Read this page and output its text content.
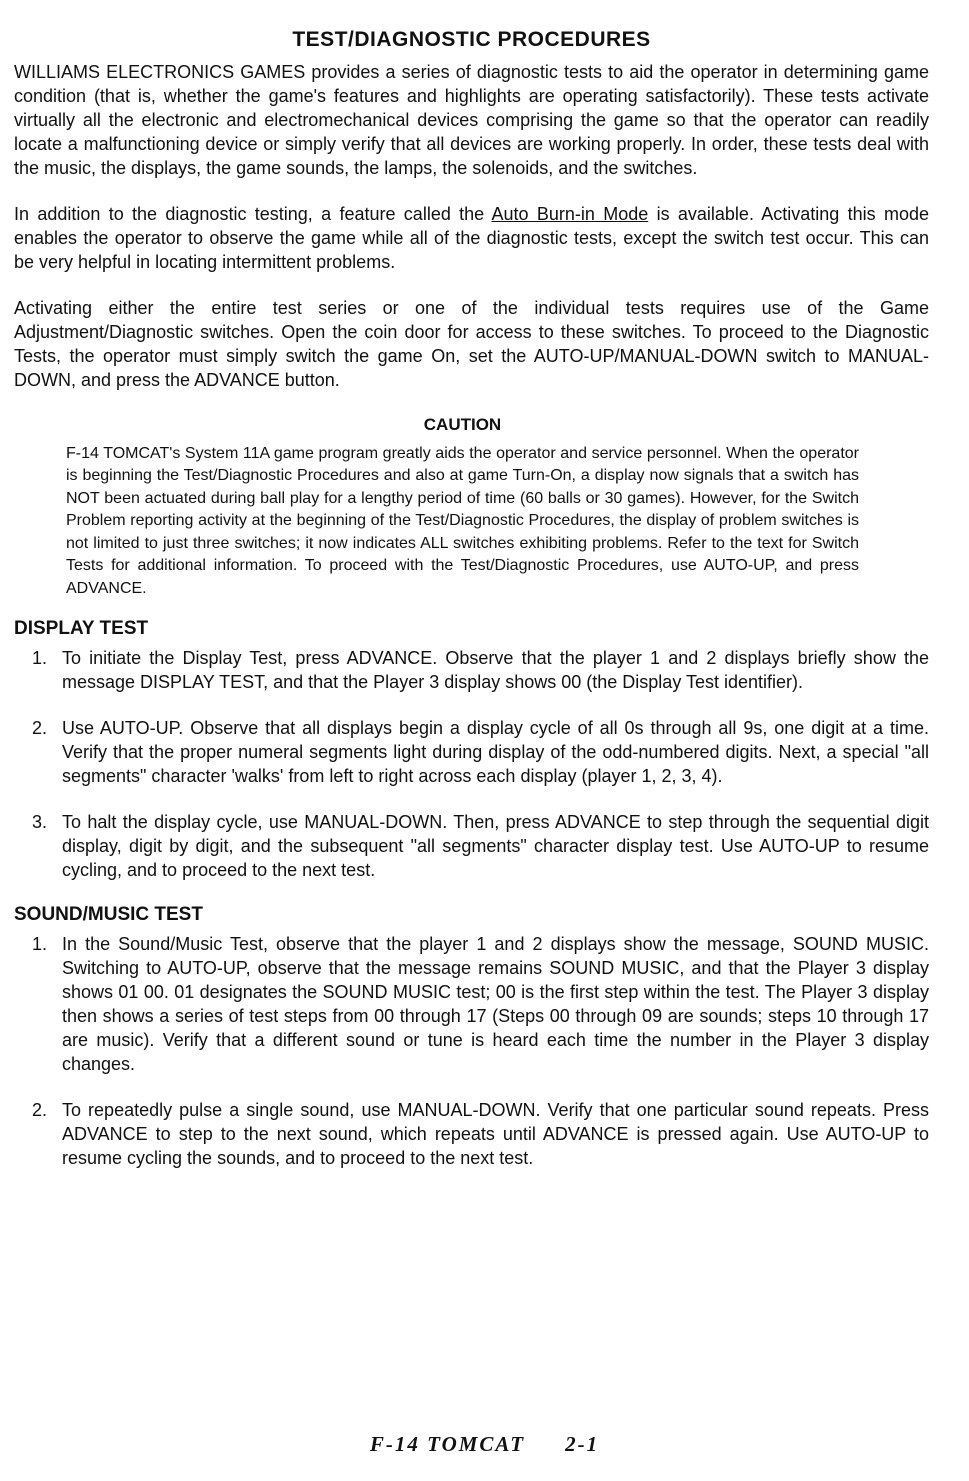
TEST/DIAGNOSTIC PROCEDURES

WILLIAMS ELECTRONICS GAMES provides a series of diagnostic tests to aid the operator in determining game condition (that is, whether the game's features and highlights are operating satisfactorily). These tests activate virtually all the electronic and electromechanical devices comprising the game so that the operator can readily locate a malfunctioning device or simply verify that all devices are working properly. In order, these tests deal with the music, the displays, the game sounds, the lamps, the solenoids, and the switches.

In addition to the diagnostic testing, a feature called the Auto Burn-in Mode is available. Activating this mode enables the operator to observe the game while all of the diagnostic tests, except the switch test occur. This can be very helpful in locating intermittent problems.

Activating either the entire test series or one of the individual tests requires use of the Game Adjustment/Diagnostic switches. Open the coin door for access to these switches. To proceed to the Diagnostic Tests, the operator must simply switch the game On, set the AUTO-UP/MANUAL-DOWN switch to MANUAL-DOWN, and press the ADVANCE button.

CAUTION

F-14 TOMCAT's System 11A game program greatly aids the operator and service personnel. When the operator is beginning the Test/Diagnostic Procedures and also at game Turn-On, a display now signals that a switch has NOT been actuated during ball play for a lengthy period of time (60 balls or 30 games). However, for the Switch Problem reporting activity at the beginning of the Test/Diagnostic Procedures, the display of problem switches is not limited to just three switches; it now indicates ALL switches exhibiting problems. Refer to the text for Switch Tests for additional information. To proceed with the Test/Diagnostic Procedures, use AUTO-UP, and press ADVANCE.

DISPLAY TEST
1. To initiate the Display Test, press ADVANCE. Observe that the player 1 and 2 displays briefly show the message DISPLAY TEST, and that the Player 3 display shows 00 (the Display Test identifier).
2. Use AUTO-UP. Observe that all displays begin a display cycle of all 0s through all 9s, one digit at a time. Verify that the proper numeral segments light during display of the odd-numbered digits. Next, a special "all segments" character 'walks' from left to right across each display (player 1, 2, 3, 4).
3. To halt the display cycle, use MANUAL-DOWN. Then, press ADVANCE to step through the sequential digit display, digit by digit, and the subsequent "all segments" character display test. Use AUTO-UP to resume cycling, and to proceed to the next test.
SOUND/MUSIC TEST
1. In the Sound/Music Test, observe that the player 1 and 2 displays show the message, SOUND MUSIC. Switching to AUTO-UP, observe that the message remains SOUND MUSIC, and that the Player 3 display shows 01 00. 01 designates the SOUND MUSIC test; 00 is the first step within the test. The Player 3 display then shows a series of test steps from 00 through 17 (Steps 00 through 09 are sounds; steps 10 through 17 are music). Verify that a different sound or tune is heard each time the number in the Player 3 display changes.
2. To repeatedly pulse a single sound, use MANUAL-DOWN. Verify that one particular sound repeats. Press ADVANCE to step to the next sound, which repeats until ADVANCE is pressed again. Use AUTO-UP to resume cycling the sounds, and to proceed to the next test.
F-14 TOMCAT 2-1
